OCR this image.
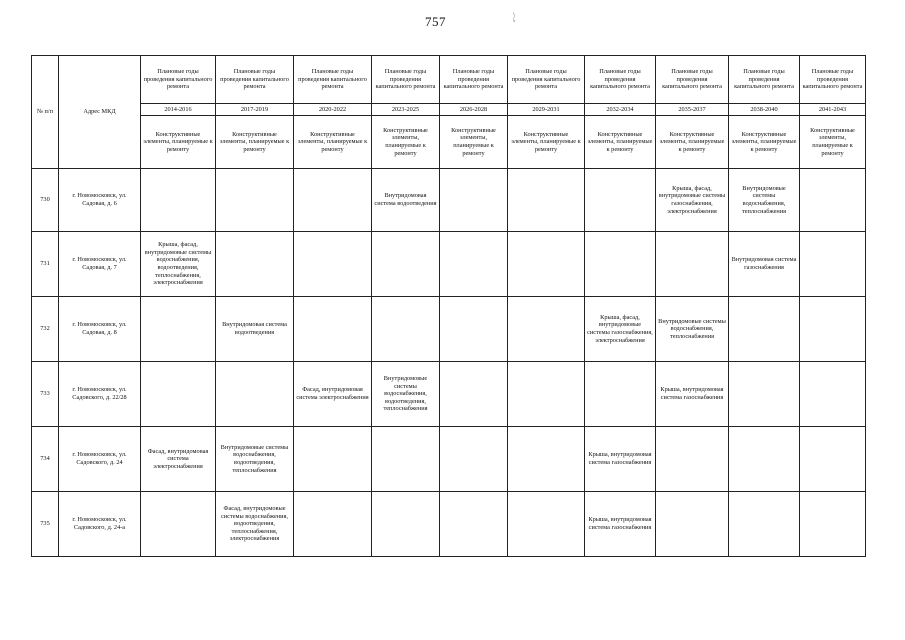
757	`\,
№ п/п	Адрес МКД	Плановые годы проведения капитального ремонта	Плановые годы проведения капитального ремонта	Плановые годы проведения капитального ремонта	Плановые годы проведения капитального ремонта	Плановые годы проведения капитального ремонта	Плановые годы проведения капитального ремонта	Плановые годы проведения капитального ремонта	Плановые годы проведения капитального ремонта	Плановые годы проведения капитального ремонта	Плановые годы проведения капитального ремонта
		2014-2016	2017-2019	2020-2022	2023-2025	2026-2028	2029-2031	2032-2034	2035-2037	2038-2040	2041-2043
		Конструктивные элементы, планируемые к ремонту	Конструктивные элементы, планируемые к ремонту	Конструктивные элементы, планируемые к ремонту	Конструктивные элементы, планируемые к ремонту	Конструктивные элементы, планируемые к ремонту	Конструктивные элементы, планируемые к ремонту	Конструктивные элементы, планируемые к ремонту	Конструктивные элементы, планируемые к ремонту	Конструктивные элементы, планируемые к ремонту	Конструктивные элементы, планируемые к ремонту
730	г. Новомосковск, ул. Садовая, д. 6				Внутридомовая система водоотведения				Крыша, фасад, внутридомовые системы газоснабжения, электроснабжения	Внутридомовые системы водоснабжения, теплоснабжения	
731	г. Новомосковск, ул. Садовая, д. 7	Крыша, фасад, внутридомовые системы водоснабжения, водоотведения, теплоснабжения, электроснабжения								Внутридомовая система газоснабжения	
732	г. Новомосковск, ул. Садовая, д. 8		Внутридомовая система водоотведения					Крыша, фасад, внутридомовые системы газоснабжения, электроснабжения	Внутридомовые системы водоснабжения, теплоснабжения		
733	г. Новомосковск, ул. Садовского, д. 22/28			Фасад, внутридомовая система электроснабжения	Внутридомовые системы водоснабжения, водоотведения, теплоснабжения				Крыша, внутридомовая система газоснабжения		
734	г. Новомосковск, ул. Садовского, д. 24	Фасад, внутридомовая система электроснабжения	Внутридомовые системы водоснабжения, водоотведения, теплоснабжения					Крыша, внутридомовая система газоснабжения			
735	г. Новомосковск, ул. Садовского, д. 24-а		Фасад, внутридомовые системы водоснабжения, водоотведения, теплоснабжения, электроснабжения					Крыша, внутридомовая система газоснабжения			
